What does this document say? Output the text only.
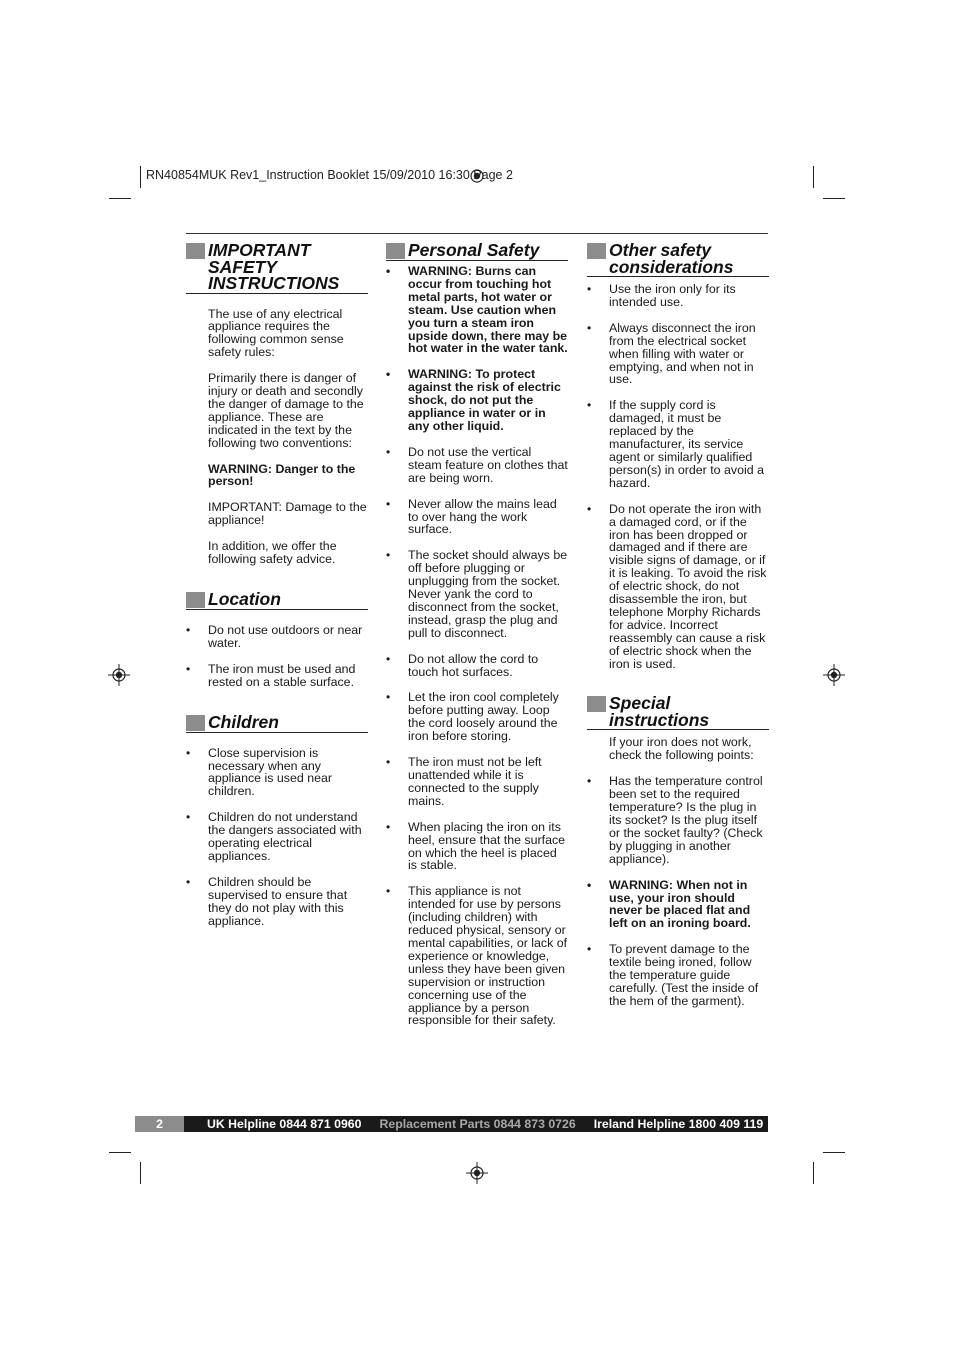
RN40854MUK Rev1_Instruction Booklet 15/09/2010 16:30 Page 2
IMPORTANT SAFETY INSTRUCTIONS

The use of any electrical appliance requires the following common sense safety rules:

Primarily there is danger of injury or death and secondly the danger of damage to the appliance. These are indicated in the text by the following two conventions:

WARNING: Danger to the person!

IMPORTANT: Damage to the appliance!

In addition, we offer the following safety advice.

Location
• Do not use outdoors or near water.
• The iron must be used and rested on a stable surface.
Children
• Close supervision is necessary when any appliance is used near children.
• Children do not understand the dangers associated with operating electrical appliances.
• Children should be supervised to ensure that they do not play with this appliance.
Personal Safety
• WARNING: Burns can occur from touching hot metal parts, hot water or steam. Use caution when you turn a steam iron upside down, there may be hot water in the water tank.
• WARNING: To protect against the risk of electric shock, do not put the appliance in water or in any other liquid.
• Do not use the vertical steam feature on clothes that are being worn.
• Never allow the mains lead to over hang the work surface.
• The socket should always be off before plugging or unplugging from the socket. Never yank the cord to disconnect from the socket, instead, grasp the plug and pull to disconnect.
• Do not allow the cord to touch hot surfaces.
• Let the iron cool completely before putting away. Loop the cord loosely around the iron before storing.
• The iron must not be left unattended while it is connected to the supply mains.
• When placing the iron on its heel, ensure that the surface on which the heel is placed is stable.
• This appliance is not intended for use by persons (including children) with reduced physical, sensory or mental capabilities, or lack of experience or knowledge, unless they have been given supervision or instruction concerning use of the appliance by a person responsible for their safety.
Other safety considerations
• Use the iron only for its intended use.
• Always disconnect the iron from the electrical socket when filling with water or emptying, and when not in use.
• If the supply cord is damaged, it must be replaced by the manufacturer, its service agent or similarly qualified person(s) in order to avoid a hazard.
• Do not operate the iron with a damaged cord, or if the iron has been dropped or damaged and if there are visible signs of damage, or if it is leaking. To avoid the risk of electric shock, do not disassemble the iron, but telephone Morphy Richards for advice. Incorrect reassembly can cause a risk of electric shock when the iron is used.
Special instructions

If your iron does not work, check the following points:

• Has the temperature control been set to the required temperature? Is the plug in its socket? Is the plug itself or the socket faulty? (Check by plugging in another appliance).
• WARNING: When not in use, your iron should never be placed flat and left on an ironing board.
• To prevent damage to the textile being ironed, follow the temperature guide carefully. (Test the inside of the hem of the garment).
2	UK Helpline 0844 871 0960 Replacement Parts 0844 873 0726 Ireland Helpline 1800 409 119
